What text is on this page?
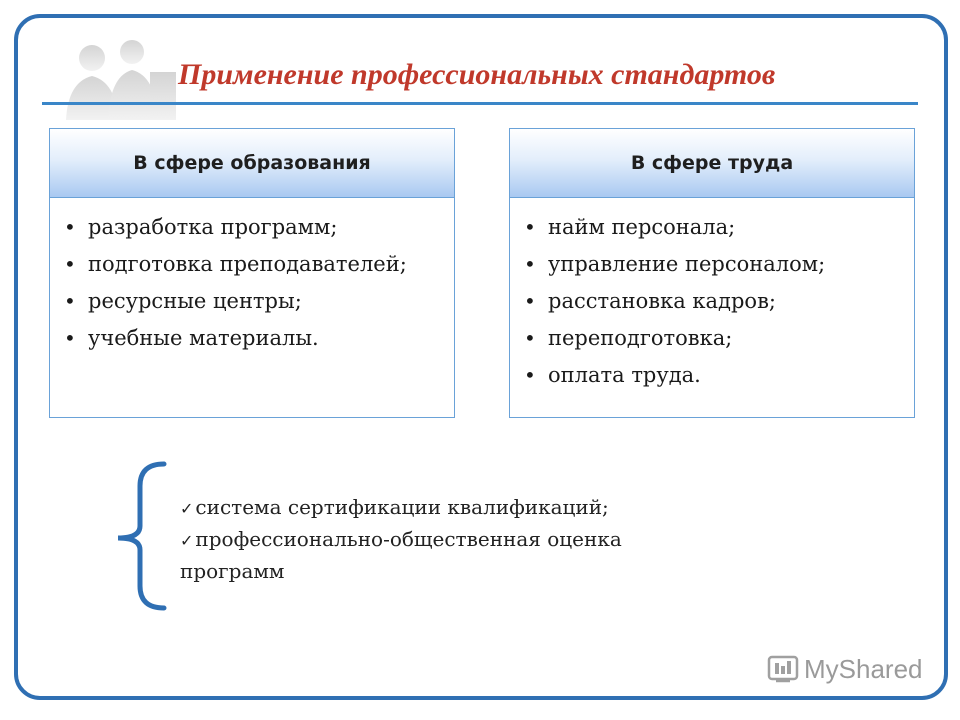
Применение профессиональных стандартов
В сфере образования
• разработка программ;
• подготовка преподавателей;
• ресурсные центры;
• учебные материалы.
В сфере труда
• найм персонала;
• управление персоналом;
• расстановка кадров;
• переподготовка;
• оплата труда.
✓ система сертификации квалификаций;
✓ профессионально-общественная оценка
программ
MyShared
